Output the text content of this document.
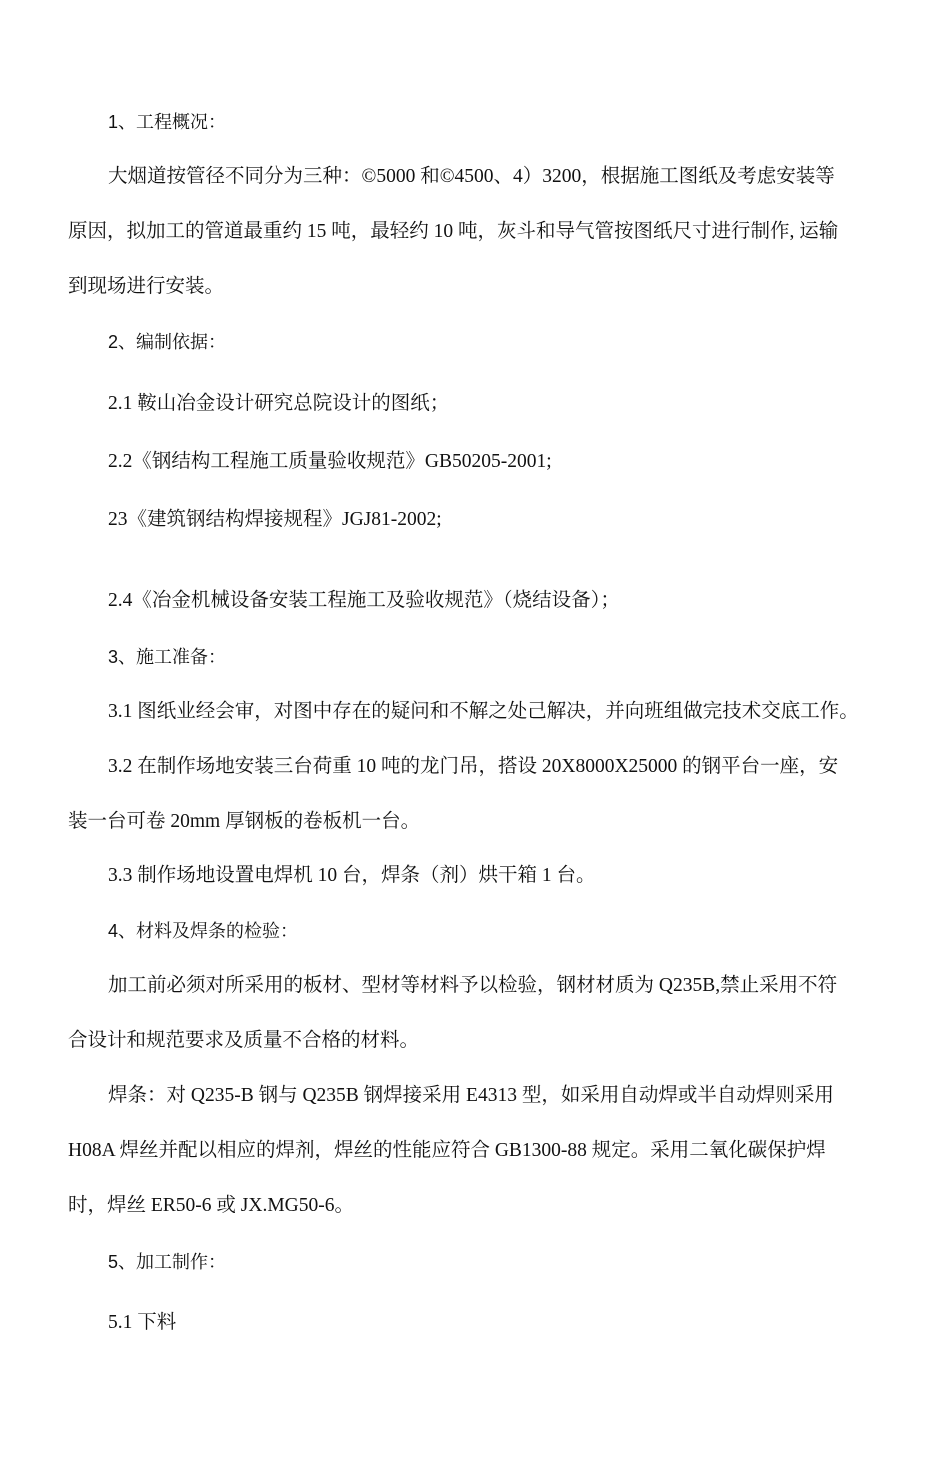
1、工程概况：
大烟道按管径不同分为三种：©5000 和©4500、4）3200，根据施工图纸及考虑安装等
原因，拟加工的管道最重约 15 吨，最轻约 10 吨，灰斗和导气管按图纸尺寸进行制作, 运输
到现场进行安装。
2、编制依据：
2.1 鞍山冶金设计研究总院设计的图纸；
2.2《钢结构工程施工质量验收规范》GB50205-2001;
23《建筑钢结构焊接规程》JGJ81-2002;
2.4《冶金机械设备安装工程施工及验收规范》（烧结设备）；
3、施工准备：
3.1 图纸业经会审，对图中存在的疑问和不解之处己解决，并向班组做完技术交底工作。
3.2 在制作场地安装三台荷重 10 吨的龙门吊，搭设 20X8000X25000 的钢平台一座，安
装一台可卷 20mm 厚钢板的卷板机一台。
3.3 制作场地设置电焊机 10 台，焊条（剂）烘干箱 1 台。
4、材料及焊条的检验：
加工前必须对所采用的板材、型材等材料予以检验，钢材材质为 Q235B,禁止采用不符
合设计和规范要求及质量不合格的材料。
焊条：对 Q235-B 钢与 Q235B 钢焊接采用 E4313 型，如采用自动焊或半自动焊则采用
H08A 焊丝并配以相应的焊剂，焊丝的性能应符合 GB1300-88 规定。采用二氧化碳保护焊
时，焊丝 ER50-6 或 JX.MG50-6。
5、加工制作：
5.1 下料
